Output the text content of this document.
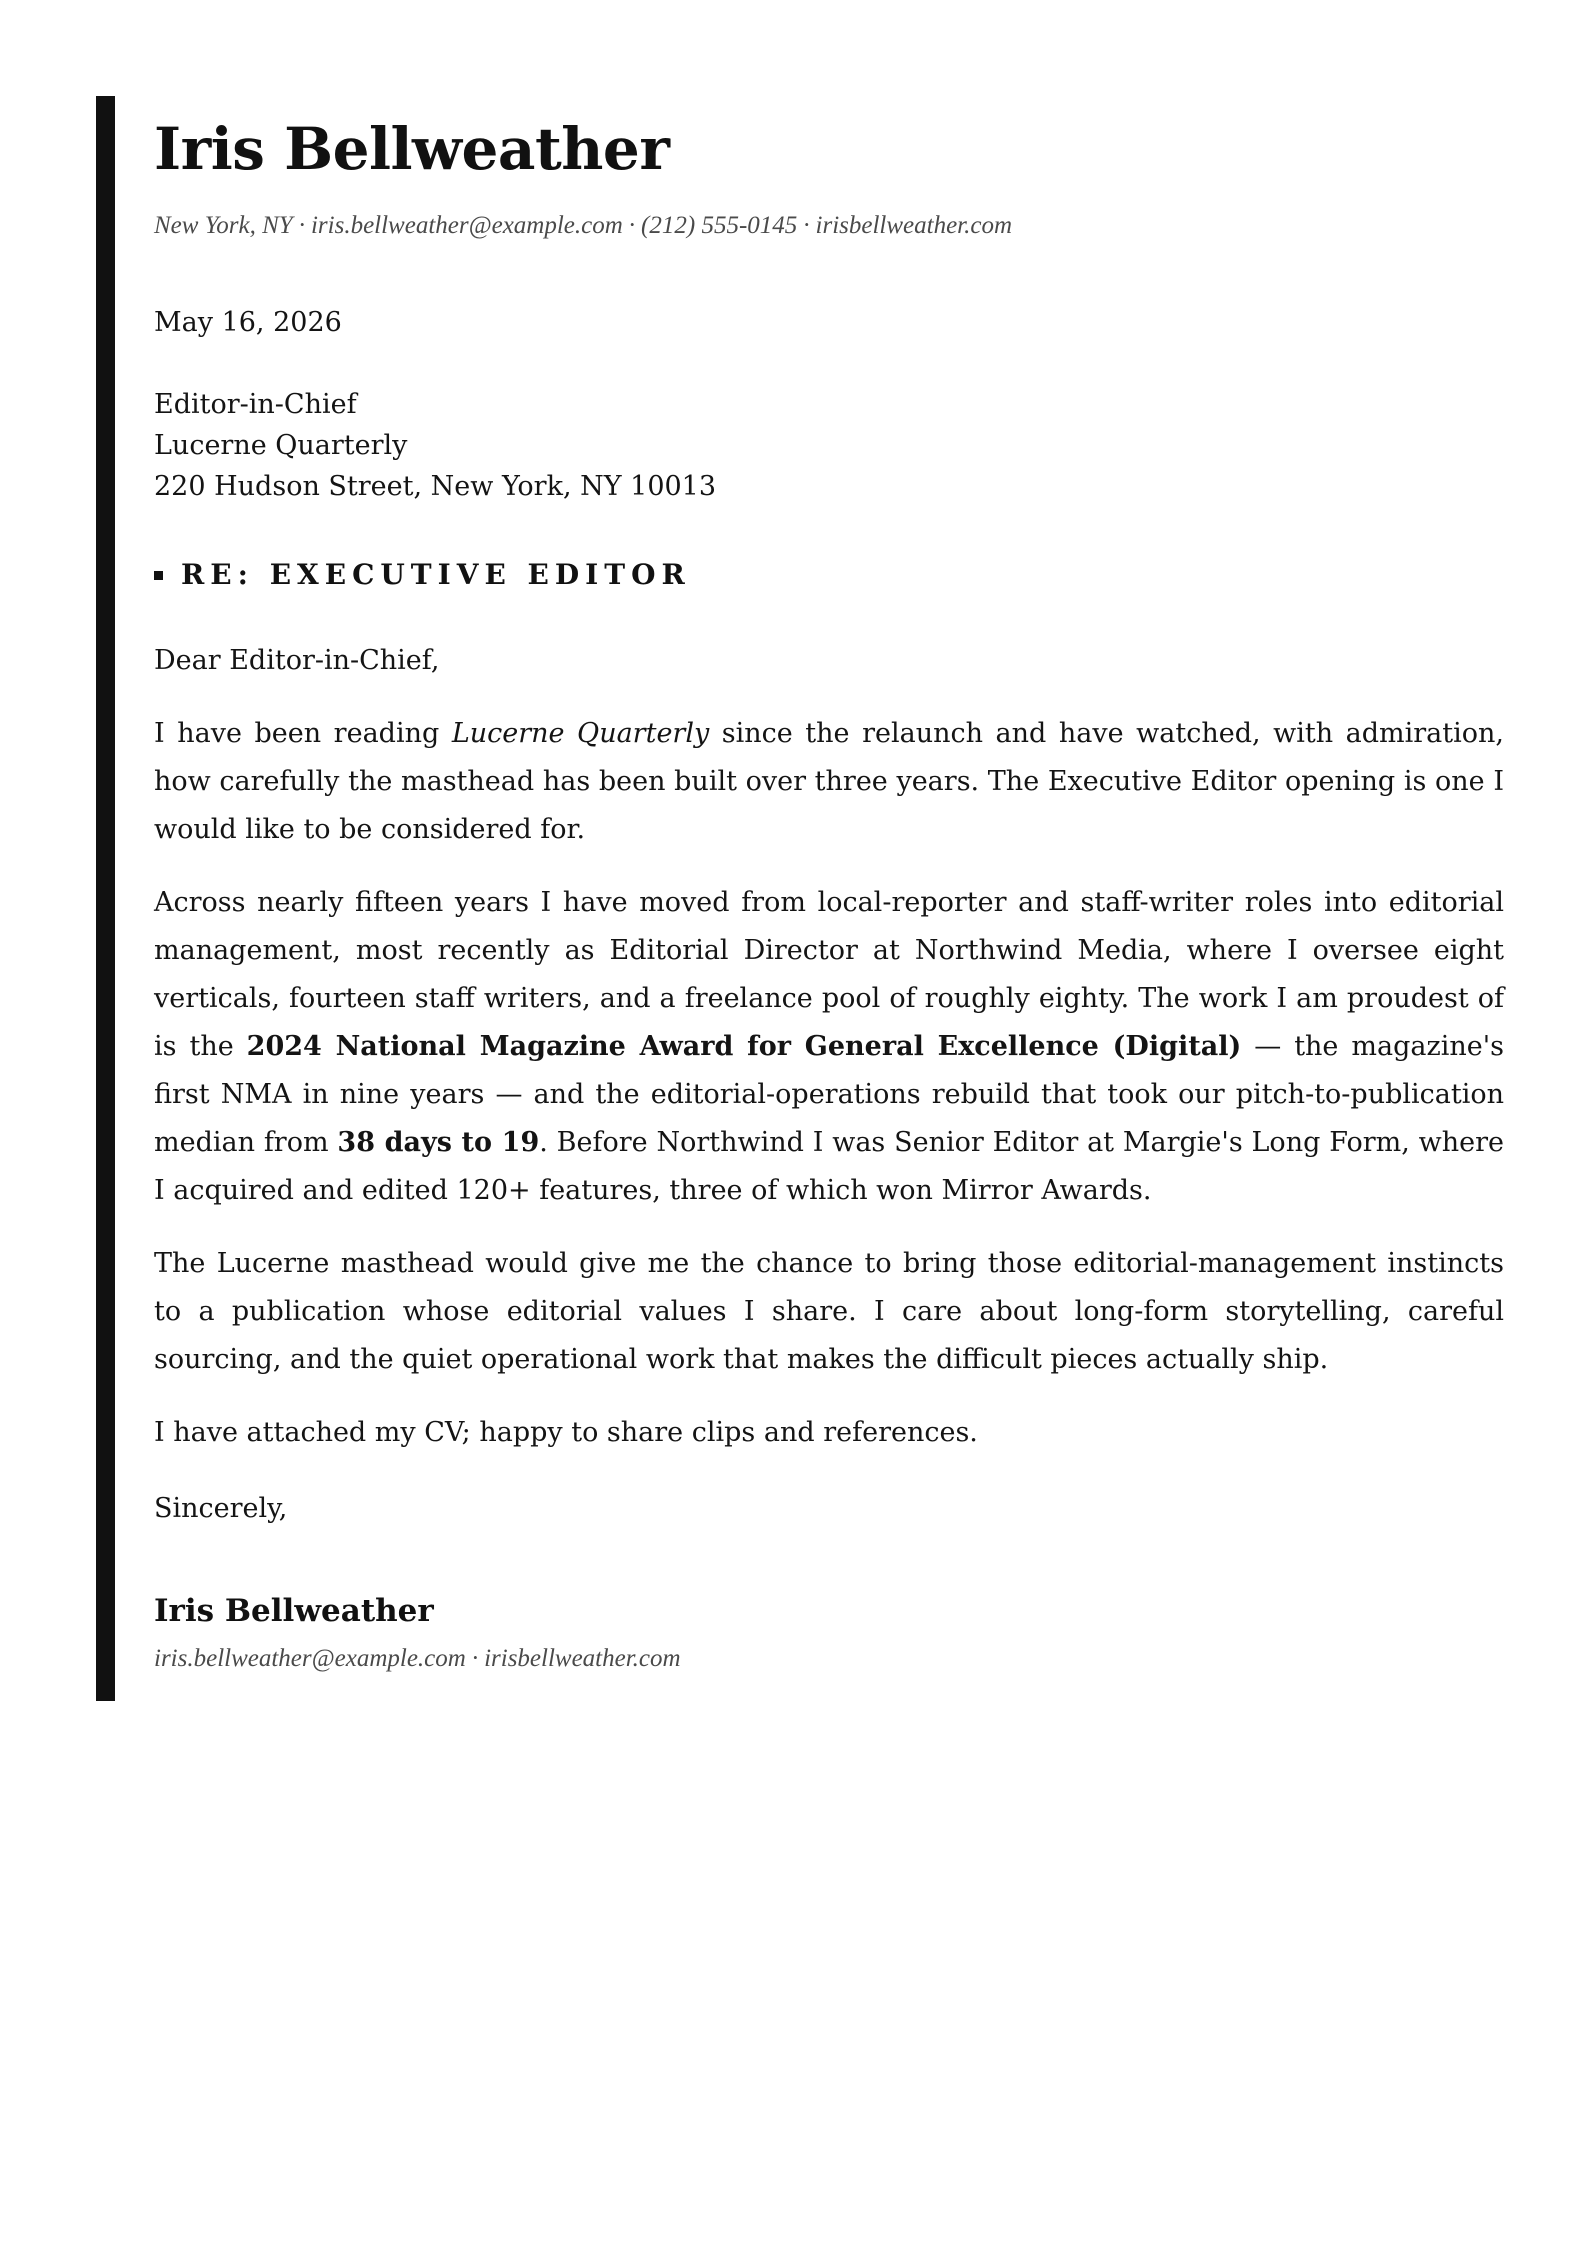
Iris Bellweather
New York, NY · iris.bellweather@example.com · (212) 555-0145 · irisbellweather.com
May 16, 2026
Editor-in-Chief
Lucerne Quarterly
220 Hudson Street, New York, NY 10013
RE: EXECUTIVE EDITOR
Dear Editor-in-Chief,
I have been reading Lucerne Quarterly since the relaunch and have watched, with admiration, how carefully the masthead has been built over three years. The Executive Editor opening is one I would like to be considered for.
Across nearly fifteen years I have moved from local-reporter and staff-writer roles into editorial management, most recently as Editorial Director at Northwind Media, where I oversee eight verticals, fourteen staff writers, and a freelance pool of roughly eighty. The work I am proudest of is the 2024 National Magazine Award for General Excellence (Digital) — the magazine's first NMA in nine years — and the editorial-operations rebuild that took our pitch-to-publication median from 38 days to 19. Before Northwind I was Senior Editor at Margie's Long Form, where I acquired and edited 120+ features, three of which won Mirror Awards.
The Lucerne masthead would give me the chance to bring those editorial-management instincts to a publication whose editorial values I share. I care about long-form storytelling, careful sourcing, and the quiet operational work that makes the difficult pieces actually ship.
I have attached my CV; happy to share clips and references.
Sincerely,
Iris Bellweather
iris.bellweather@example.com · irisbellweather.com
